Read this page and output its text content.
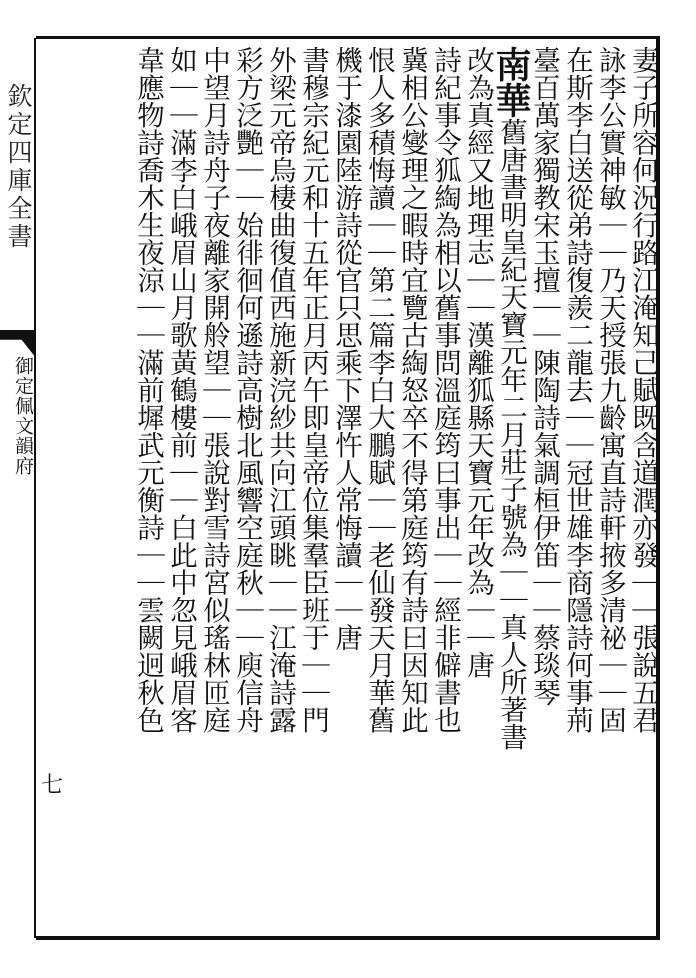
欽定四庫全書
御定佩文韻府
七
妻子所容何況行路江淹知己賦既含道潤亦發｜｜張說五君
詠李公實神敏｜｜乃天授張九齡寓直詩軒掖多清祕｜｜固
在斯李白送從弟詩復羨二龍去｜｜冠世雄李商隱詩何事荊
臺百萬家獨教宋玉擅｜｜陳陶詩氣調桓伊笛｜｜蔡琰琴
南華舊唐書明皇紀天寶元年二月莊子號為｜｜真人所著書
改為真經又地理志｜｜漢離狐縣天寶元年改為｜｜唐
詩紀事令狐綯為相以舊事問溫庭筠曰事出｜｜經非僻書也
冀相公燮理之暇時宜覽古綯怒卒不得第庭筠有詩曰因知此
恨人多積悔讀｜｜第二篇李白大鵬賦｜｜老仙發天月華舊
機于漆園陸游詩從官只思乘下澤忤人常悔讀｜｜唐
書穆宗紀元和十五年正月丙午即皇帝位集羣臣班于｜｜門
外梁元帝烏棲曲復值西施新浣紗共向江頭眺｜｜江淹詩露
彩方泛艷｜｜始徘徊何遜詩高樹北風響空庭秋｜｜庾信舟
中望月詩舟子夜離家開舲望｜｜張說對雪詩宮似瑤林匝庭
如｜｜滿李白峨眉山月歌黃鶴樓前｜｜白此中忽見峨眉客
韋應物詩喬木生夜涼｜｜滿前墀武元衡詩｜｜雲闕迥秋色
